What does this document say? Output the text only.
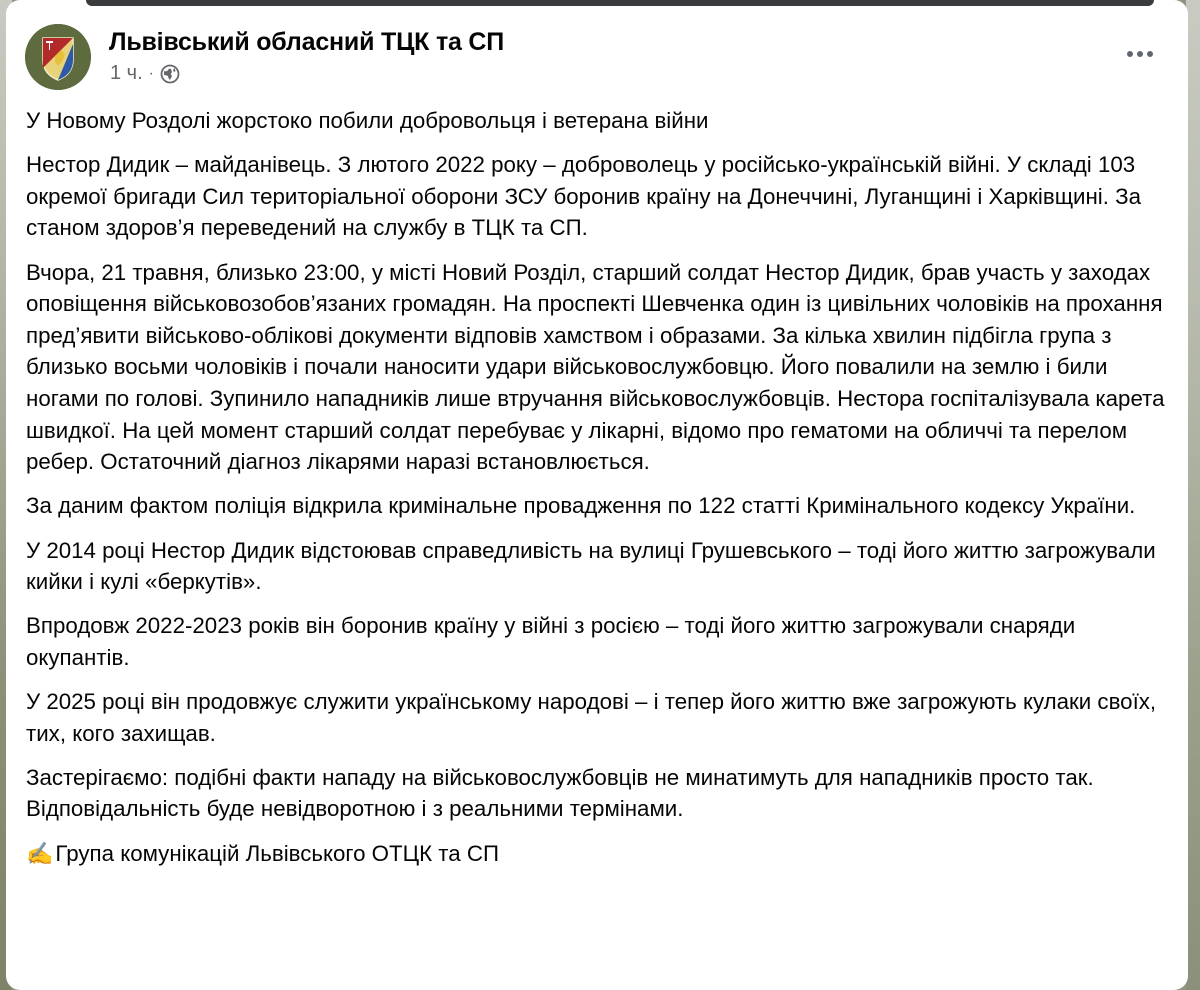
Львівський обласний ТЦК та СП
1 ч. ·

У Новому Роздолі жорстоко побили добровольця і ветерана війни

Нестор Дидик – майданівець. З лютого 2022 року – доброволець у російсько-українській війні. У складі 103 окремої бригади Сил територіальної оборони ЗСУ боронив країну на Донеччині, Луганщині і Харківщині. За станом здоров’я переведений на службу в ТЦК та СП.

Вчора, 21 травня, близько 23:00, у місті Новий Розділ, старший солдат Нестор Дидик, брав участь у заходах оповіщення військовозобов’язаних громадян. На проспекті Шевченка один із цивільних чоловіків на прохання пред’явити військово-облікові документи відповів хамством і образами. За кілька хвилин підбігла група з близько восьми чоловіків і почали наносити удари військовослужбовцю. Його повалили на землю і били ногами по голові. Зупинило нападників лише втручання військовослужбовців. Нестора госпіталізувала карета швидкої. На цей момент старший солдат перебуває у лікарні, відомо про гематоми на обличчі та перелом ребер. Остаточний діагноз лікарями наразі встановлюється.

За даним фактом поліція відкрила кримінальне провадження по 122 статті Кримінального кодексу України.

У 2014 році Нестор Дидик відстоював справедливість на вулиці Грушевського – тоді його життю загрожували кийки і кулі «беркутів».

Впродовж 2022-2023 років він боронив країну у війні з росією – тоді його життю загрожували снаряди окупантів.

У 2025 році він продовжує служити українському народові – і тепер його життю вже загрожують кулаки своїх, тих, кого захищав.

Застерігаємо: подібні факти нападу на військовослужбовців не минатимуть для нападників просто так. Відповідальність буде невідворотною і з реальними термінами.

✍Група комунікацій Львівського ОТЦК та СП
